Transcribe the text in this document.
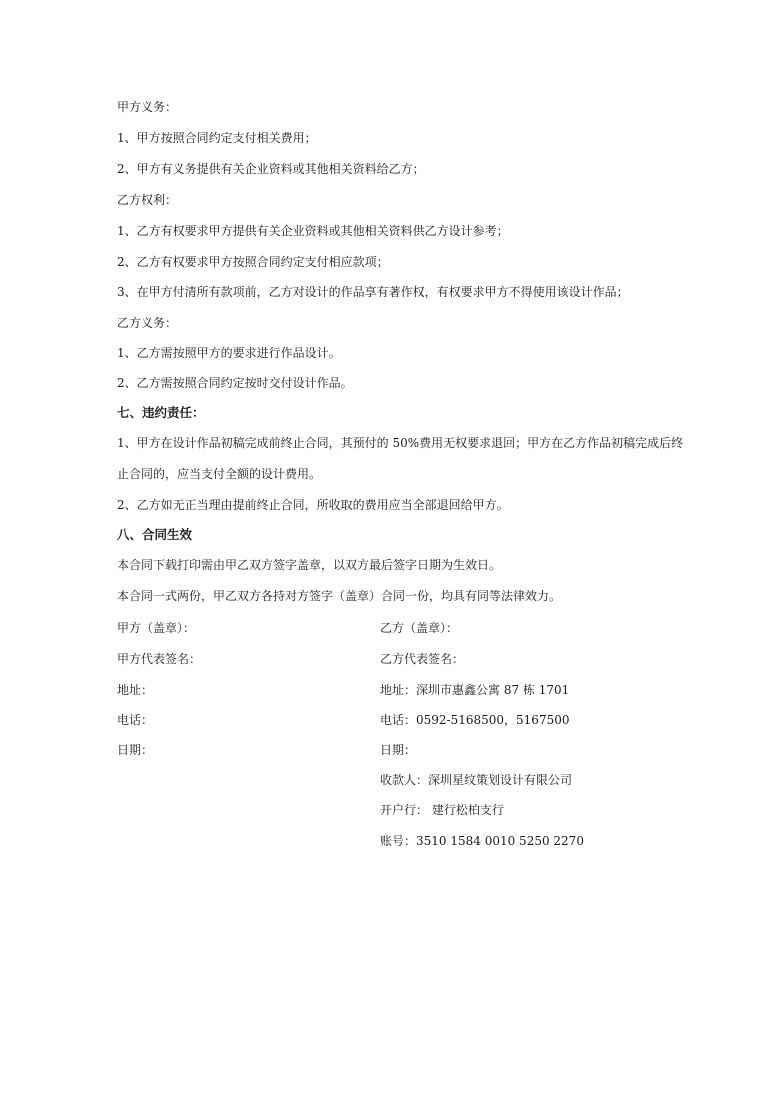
甲方义务：
1、甲方按照合同约定支付相关费用；
2、甲方有义务提供有关企业资料或其他相关资料给乙方；
乙方权利：
1、乙方有权要求甲方提供有关企业资料或其他相关资料供乙方设计参考；
2、乙方有权要求甲方按照合同约定支付相应款项；
3、在甲方付清所有款项前，乙方对设计的作品享有著作权，有权要求甲方不得使用该设计作品；
乙方义务：
1、乙方需按照甲方的要求进行作品设计。
2、乙方需按照合同约定按时交付设计作品。
七、违约责任：
1、甲方在设计作品初稿完成前终止合同，其预付的 50%费用无权要求退回；甲方在乙方作品初稿完成后终
止合同的，应当支付全额的设计费用。
2、乙方如无正当理由提前终止合同，所收取的费用应当全部退回给甲方。
八、合同生效
本合同下载打印需由甲乙双方签字盖章，以双方最后签字日期为生效日。
本合同一式两份，甲乙双方各持对方签字（盖章）合同一份，均具有同等法律效力。
甲方（盖章）：
甲方代表签名：
地址：
电话：
日期：
乙方（盖章）：
乙方代表签名：
地址：深圳市惠鑫公寓 87 栋 1701
电话：0592-5168500，5167500
日期：
收款人：深圳星纹策划设计有限公司
开户行： 建行松柏支行
账号：3510 1584 0010 5250 2270
